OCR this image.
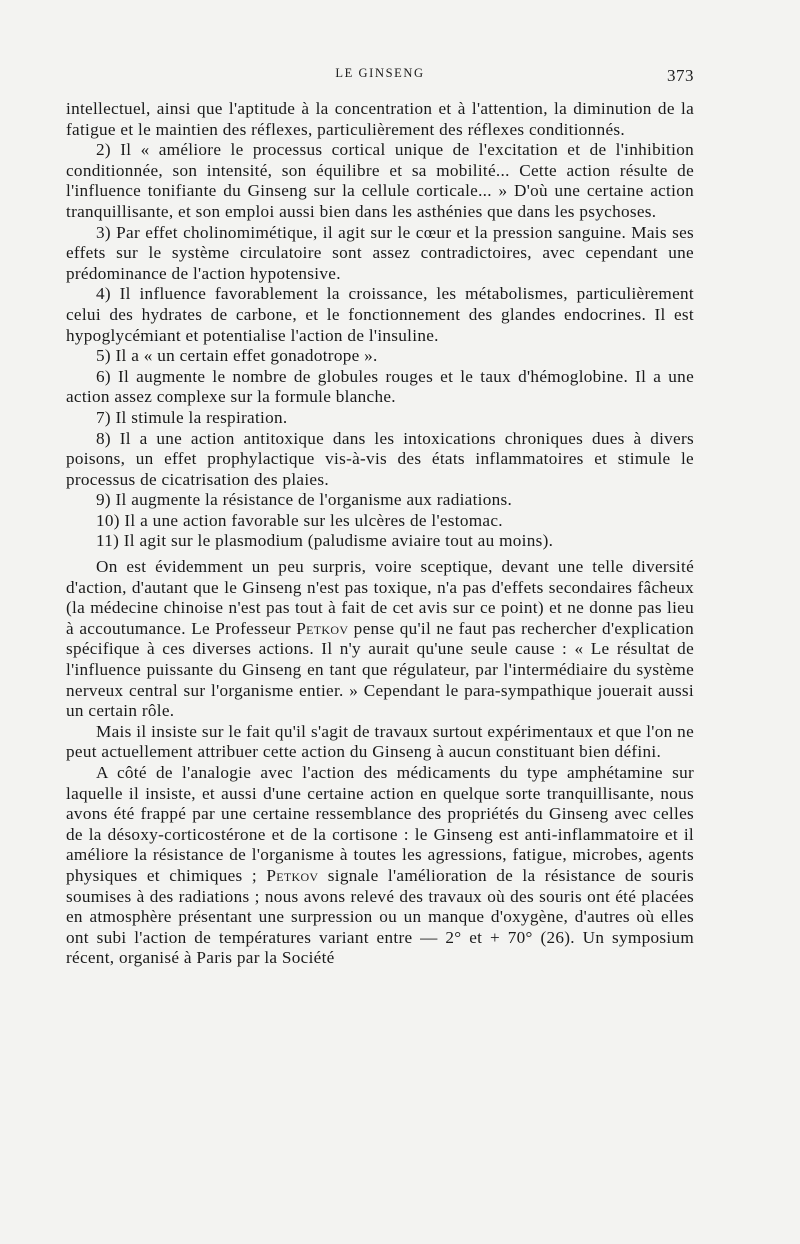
LE GINSENG	373

intellectuel, ainsi que l'aptitude à la concentration et à l'attention, la diminution de la fatigue et le maintien des réflexes, particulièrement des réflexes conditionnés.

2) Il « améliore le processus cortical unique de l'excitation et de l'inhibition conditionnée, son intensité, son équilibre et sa mobilité... Cette action résulte de l'influence tonifiante du Ginseng sur la cellule corticale... » D'où une certaine action tranquillisante, et son emploi aussi bien dans les asthénies que dans les psychoses.

3) Par effet cholinomimétique, il agit sur le cœur et la pression sanguine. Mais ses effets sur le système circulatoire sont assez contradictoires, avec cependant une prédominance de l'action hypotensive.

4) Il influence favorablement la croissance, les métabolismes, particulièrement celui des hydrates de carbone, et le fonctionnement des glandes endocrines. Il est hypoglycémiant et potentialise l'action de l'insuline.

5) Il a « un certain effet gonadotrope ».

6) Il augmente le nombre de globules rouges et le taux d'hémoglobine. Il a une action assez complexe sur la formule blanche.

7) Il stimule la respiration.

8) Il a une action antitoxique dans les intoxications chroniques dues à divers poisons, un effet prophylactique vis-à-vis des états inflammatoires et stimule le processus de cicatrisation des plaies.

9) Il augmente la résistance de l'organisme aux radiations.

10) Il a une action favorable sur les ulcères de l'estomac.

11) Il agit sur le plasmodium (paludisme aviaire tout au moins).

On est évidemment un peu surpris, voire sceptique, devant une telle diversité d'action, d'autant que le Ginseng n'est pas toxique, n'a pas d'effets secondaires fâcheux (la médecine chinoise n'est pas tout à fait de cet avis sur ce point) et ne donne pas lieu à accoutumance. Le Professeur Petkov pense qu'il ne faut pas rechercher d'explication spécifique à ces diverses actions. Il n'y aurait qu'une seule cause : « Le résultat de l'influence puissante du Ginseng en tant que régulateur, par l'intermédiaire du système nerveux central sur l'organisme entier. » Cependant le para-sympathique jouerait aussi un certain rôle.

Mais il insiste sur le fait qu'il s'agit de travaux surtout expérimentaux et que l'on ne peut actuellement attribuer cette action du Ginseng à aucun constituant bien défini.

A côté de l'analogie avec l'action des médicaments du type amphétamine sur laquelle il insiste, et aussi d'une certaine action en quelque sorte tranquillisante, nous avons été frappé par une certaine ressemblance des propriétés du Ginseng avec celles de la désoxy-corticostérone et de la cortisone : le Ginseng est anti-inflammatoire et il améliore la résistance de l'organisme à toutes les agressions, fatigue, microbes, agents physiques et chimiques ; Petkov signale l'amélioration de la résistance de souris soumises à des radiations ; nous avons relevé des travaux où des souris ont été placées en atmosphère présentant une surpression ou un manque d'oxygène, d'autres où elles ont subi l'action de températures variant entre — 2° et + 70° (26). Un symposium récent, organisé à Paris par la Société
